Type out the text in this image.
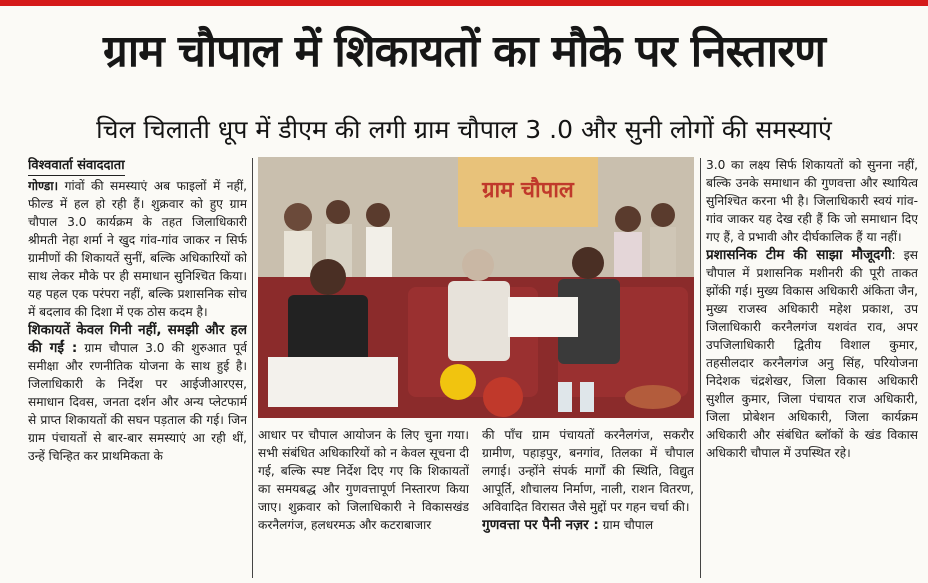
ग्राम चौपाल में शिकायतों का मौके पर निस्तारण
चिल चिलाती धूप में डीएम की लगी ग्राम चौपाल 3 .0 और सुनी लोगों की समस्याएं
विश्ववार्ता संवाददाता

गोण्डा। गांवों की समस्याएं अब फाइलों में नहीं, फील्ड में हल हो रही हैं। शुक्रवार को हुए ग्राम चौपाल 3.0 कार्यक्रम के तहत जिलाधिकारी श्रीमती नेहा शर्मा ने खुद गांव-गांव जाकर न सिर्फ ग्रामीणों की शिकायतें सुनीं, बल्कि अधिकारियों को साथ लेकर मौके पर ही समाधान सुनिश्चित किया। यह पहल एक परंपरा नहीं, बल्कि प्रशासनिक सोच में बदलाव की दिशा में एक ठोस कदम है।

शिकायतें केवल गिनी नहीं, समझी और हल की गईं : ग्राम चौपाल 3.0 की शुरुआत पूर्व समीक्षा और रणनीतिक योजना के साथ हुई है। जिलाधिकारी के निर्देश पर आईजीआरएस, समाधान दिवस, जनता दर्शन और अन्य प्लेटफार्म से प्राप्त शिकायतों की सघन पड़ताल की गई। जिन ग्राम पंचायतों से बार-बार समस्याएं आ रही थीं, उन्हें चिन्हित कर प्राथमिकता के

ग्राम चौपाल

आधार पर चौपाल आयोजन के लिए चुना गया। सभी संबंधित अधिकारियों को न केवल सूचना दी गई, बल्कि स्पष्ट निर्देश दिए गए कि शिकायतों का समयबद्ध और गुणवत्तापूर्ण निस्तारण किया जाए। शुक्रवार को जिलाधिकारी ने विकासखंड करनैलगंज, हलधरमऊ और कटराबाजार

की पाँच ग्राम पंचायतों करनैलगंज, सकरौर ग्रामीण, पहाड़पुर, बनगांव, तिलका में चौपाल लगाई। उन्होंने संपर्क मार्गों की स्थिति, विद्युत आपूर्ति, शौचालय निर्माण, नाली, राशन वितरण, अविवादित विरासत जैसे मुद्दों पर गहन चर्चा की।

गुणवत्ता पर पैनी नज़र : ग्राम चौपाल

3.0 का लक्ष्य सिर्फ शिकायतों को सुनना नहीं, बल्कि उनके समाधान की गुणवत्ता और स्थायित्व सुनिश्चित करना भी है। जिलाधिकारी स्वयं गांव-गांव जाकर यह देख रही हैं कि जो समाधान दिए गए हैं, वे प्रभावी और दीर्घकालिक हैं या नहीं।

प्रशासनिक टीम की साझा मौजूदगी: इस चौपाल में प्रशासनिक मशीनरी की पूरी ताकत झोंकी गई। मुख्य विकास अधिकारी अंकिता जैन, मुख्य राजस्व अधिकारी महेश प्रकाश, उप जिलाधिकारी करनैलगंज यशवंत राव, अपर उपजिलाधिकारी द्वितीय विशाल कुमार, तहसीलदार करनैलगंज अनु सिंह, परियोजना निदेशक चंद्रशेखर, जिला विकास अधिकारी सुशील कुमार, जिला पंचायत राज अधिकारी, जिला प्रोबेशन अधिकारी, जिला कार्यक्रम अधिकारी और संबंधित ब्लॉकों के खंड विकास अधिकारी चौपाल में उपस्थित रहे।
